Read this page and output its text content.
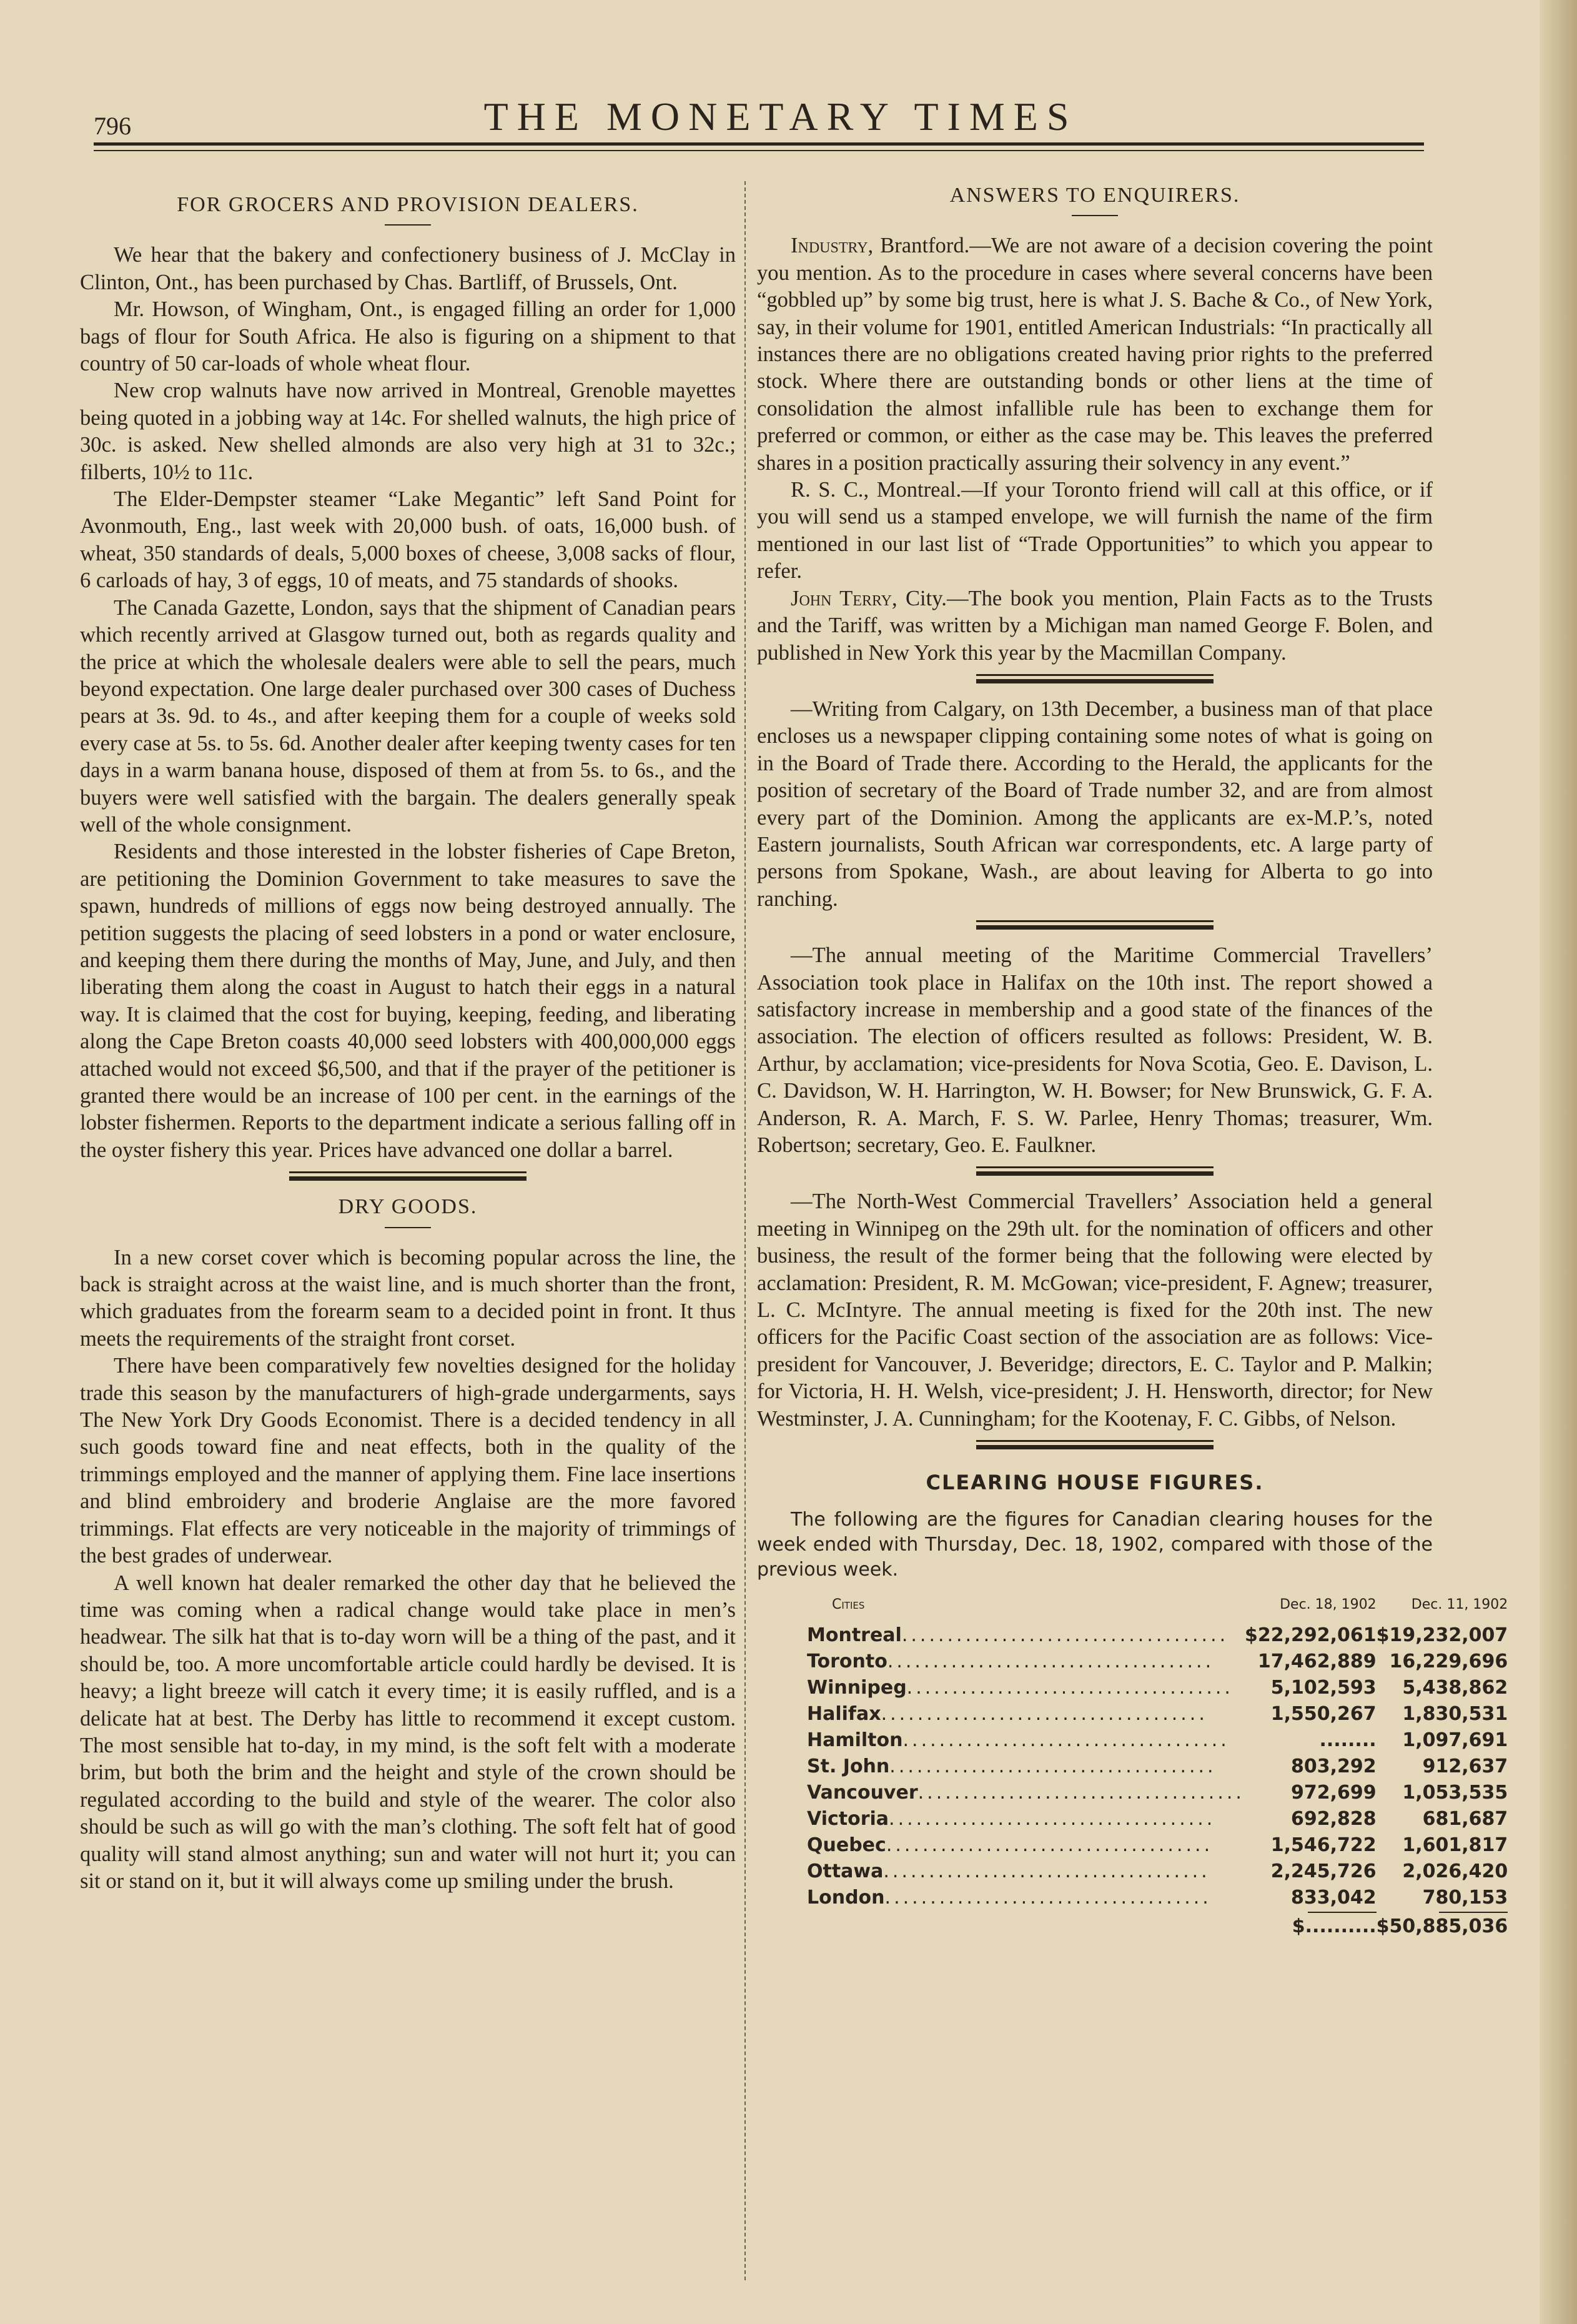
796	THE MONETARY TIMES
FOR GROCERS AND PROVISION DEALERS.

We hear that the bakery and confectionery business of J. McClay in Clinton, Ont., has been purchased by Chas. Bartliff, of Brussels, Ont.

Mr. Howson, of Wingham, Ont., is engaged filling an order for 1,000 bags of flour for South Africa. He also is figuring on a shipment to that country of 50 car-loads of whole wheat flour.

New crop walnuts have now arrived in Montreal, Grenoble mayettes being quoted in a jobbing way at 14c. For shelled walnuts, the high price of 30c. is asked. New shelled almonds are also very high at 31 to 32c.; filberts, 10½ to 11c.

The Elder-Dempster steamer “Lake Megantic” left Sand Point for Avonmouth, Eng., last week with 20,000 bush. of oats, 16,000 bush. of wheat, 350 standards of deals, 5,000 boxes of cheese, 3,008 sacks of flour, 6 carloads of hay, 3 of eggs, 10 of meats, and 75 standards of shooks.

The Canada Gazette, London, says that the shipment of Canadian pears which recently arrived at Glasgow turned out, both as regards quality and the price at which the wholesale dealers were able to sell the pears, much beyond expectation. One large dealer purchased over 300 cases of Duchess pears at 3s. 9d. to 4s., and after keeping them for a couple of weeks sold every case at 5s. to 5s. 6d. Another dealer after keeping twenty cases for ten days in a warm banana house, disposed of them at from 5s. to 6s., and the buyers were well satisfied with the bargain. The dealers generally speak well of the whole consignment.

Residents and those interested in the lobster fisheries of Cape Breton, are petitioning the Dominion Government to take measures to save the spawn, hundreds of millions of eggs now being destroyed annually. The petition suggests the placing of seed lobsters in a pond or water enclosure, and keeping them there during the months of May, June, and July, and then liberating them along the coast in August to hatch their eggs in a natural way. It is claimed that the cost for buying, keeping, feeding, and liberating along the Cape Breton coasts 40,000 seed lobsters with 400,000,000 eggs attached would not exceed $6,500, and that if the prayer of the petitioner is granted there would be an increase of 100 per cent. in the earnings of the lobster fishermen. Reports to the department indicate a serious falling off in the oyster fishery this year. Prices have advanced one dollar a barrel.

DRY GOODS.

In a new corset cover which is becoming popular across the line, the back is straight across at the waist line, and is much shorter than the front, which graduates from the forearm seam to a decided point in front. It thus meets the requirements of the straight front corset.

There have been comparatively few novelties designed for the holiday trade this season by the manufacturers of high-grade undergarments, says The New York Dry Goods Economist. There is a decided tendency in all such goods toward fine and neat effects, both in the quality of the trimmings employed and the manner of applying them. Fine lace insertions and blind embroidery and broderie Anglaise are the more favored trimmings. Flat effects are very noticeable in the majority of trimmings of the best grades of underwear.

A well known hat dealer remarked the other day that he believed the time was coming when a radical change would take place in men’s headwear. The silk hat that is to-day worn will be a thing of the past, and it should be, too. A more uncomfortable article could hardly be devised. It is heavy; a light breeze will catch it every time; it is easily ruffled, and is a delicate hat at best. The Derby has little to recommend it except custom. The most sensible hat to-day, in my mind, is the soft felt with a moderate brim, but both the brim and the height and style of the crown should be regulated according to the build and style of the wearer. The color also should be such as will go with the man’s clothing. The soft felt hat of good quality will stand almost anything; sun and water will not hurt it; you can sit or stand on it, but it will always come up smiling under the brush.

ANSWERS TO ENQUIRERS.

Industry, Brantford.—We are not aware of a decision covering the point you mention. As to the procedure in cases where several concerns have been “gobbled up” by some big trust, here is what J. S. Bache & Co., of New York, say, in their volume for 1901, entitled American Industrials: “In practically all instances there are no obligations created having prior rights to the preferred stock. Where there are outstanding bonds or other liens at the time of consolidation the almost infallible rule has been to exchange them for preferred or common, or either as the case may be. This leaves the preferred shares in a position practically assuring their solvency in any event.”

R. S. C., Montreal.—If your Toronto friend will call at this office, or if you will send us a stamped envelope, we will furnish the name of the firm mentioned in our last list of “Trade Opportunities” to which you appear to refer.

John Terry, City.—The book you mention, Plain Facts as to the Trusts and the Tariff, was written by a Michigan man named George F. Bolen, and published in New York this year by the Macmillan Company.

—Writing from Calgary, on 13th December, a business man of that place encloses us a newspaper clipping containing some notes of what is going on in the Board of Trade there. According to the Herald, the applicants for the position of secretary of the Board of Trade number 32, and are from almost every part of the Dominion. Among the applicants are ex-M.P.’s, noted Eastern journalists, South African war correspondents, etc. A large party of persons from Spokane, Wash., are about leaving for Alberta to go into ranching.

—The annual meeting of the Maritime Commercial Travellers’ Association took place in Halifax on the 10th inst. The report showed a satisfactory increase in membership and a good state of the finances of the association. The election of officers resulted as follows: President, W. B. Arthur, by acclamation; vice-presidents for Nova Scotia, Geo. E. Davison, L. C. Davidson, W. H. Harrington, W. H. Bowser; for New Brunswick, G. F. A. Anderson, R. A. March, F. S. W. Parlee, Henry Thomas; treasurer, Wm. Robertson; secretary, Geo. E. Faulkner.

—The North-West Commercial Travellers’ Association held a general meeting in Winnipeg on the 29th ult. for the nomination of officers and other business, the result of the former being that the following were elected by acclamation: President, R. M. McGowan; vice-president, F. Agnew; treasurer, L. C. McIntyre. The annual meeting is fixed for the 20th inst. The new officers for the Pacific Coast section of the association are as follows: Vice-president for Vancouver, J. Beveridge; directors, E. C. Taylor and P. Malkin; for Victoria, H. H. Welsh, vice-president; J. H. Hensworth, director; for New Westminster, J. A. Cunningham; for the Kootenay, F. C. Gibbs, of Nelson.

CLEARING HOUSE FIGURES.

The following are the figures for Canadian clearing houses for the week ended with Thursday, Dec. 18, 1902, compared with those of the previous week.

Cities	Dec. 18, 1902	Dec. 11, 1902
Montreal....................................	$22,292,061	$19,232,007
Toronto....................................	17,462,889	16,229,696
Winnipeg....................................	5,102,593	5,438,862
Halifax....................................	1,550,267	1,830,531
Hamilton....................................	........	1,097,691
St. John....................................	803,292	912,637
Vancouver....................................	972,699	1,053,535
Victoria....................................	692,828	681,687
Quebec....................................	1,546,722	1,601,817
Ottawa....................................	2,245,726	2,026,420
London....................................	833,042	780,153

	$..........	$50,885,036
